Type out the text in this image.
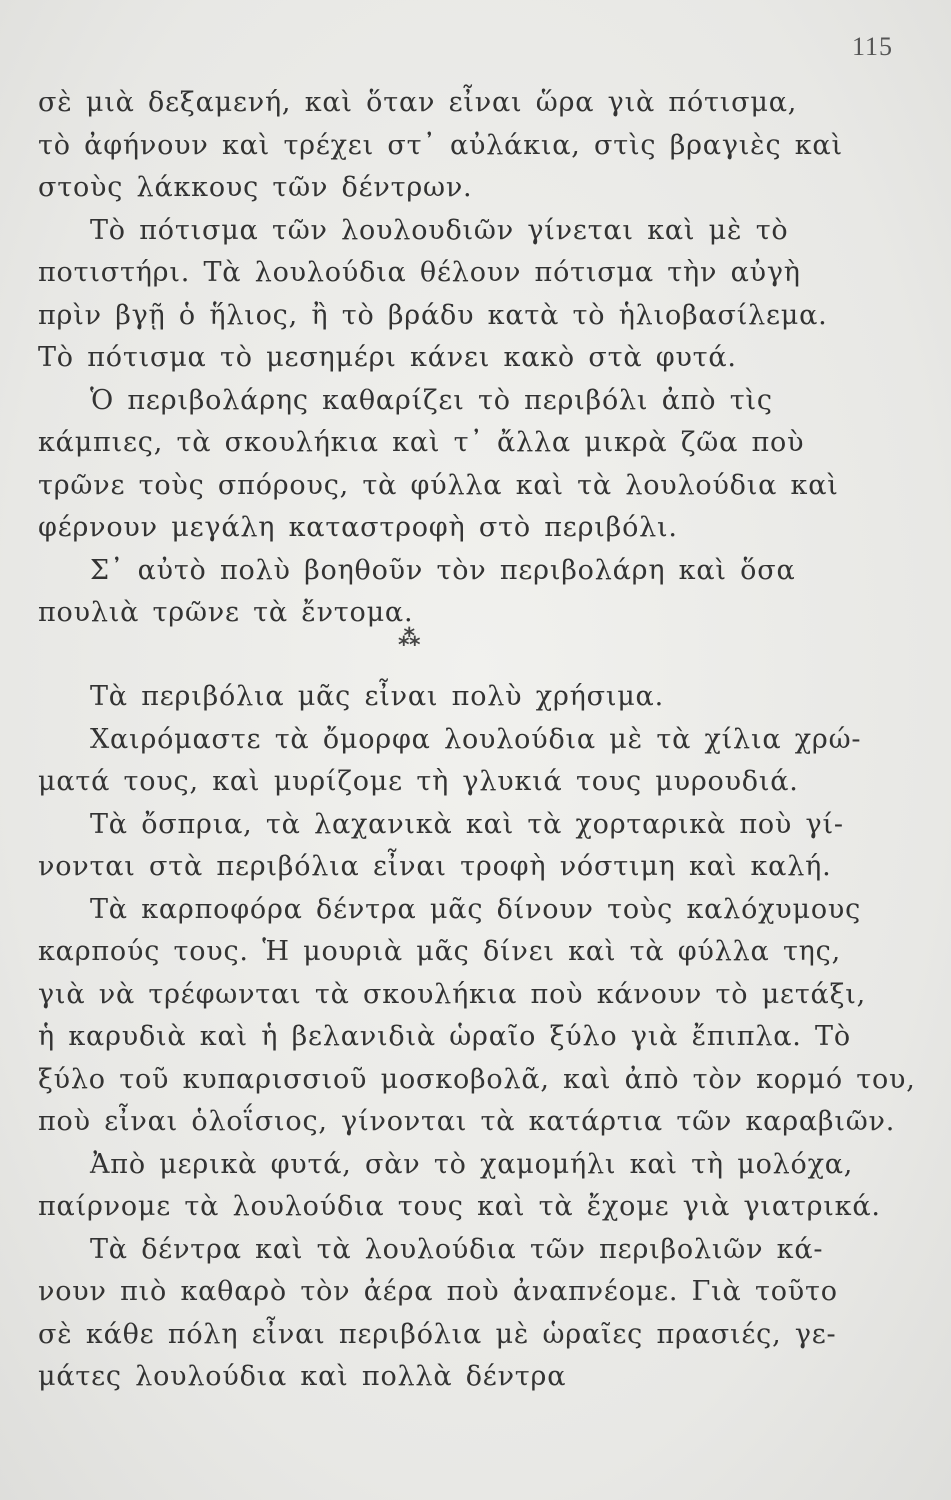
115
σὲ μιὰ δεξαμενή, καὶ ὅταν εἶναι ὥρα γιὰ πότισμα,
τὸ ἀφήνουν καὶ τρέχει στ᾽ αὐλάκια, στὶς βραγιὲς καὶ
στοὺς λάκκους τῶν δέντρων.
Τὸ πότισμα τῶν λουλουδιῶν γίνεται καὶ μὲ τὸ
ποτιστήρι. Τὰ λουλούδια θέλουν πότισμα τὴν αὐγὴ
πρὶν βγῇ ὁ ἥλιος, ἢ τὸ βράδυ κατὰ τὸ ἡλιοβασίλεμα.
Τὸ πότισμα τὸ μεσημέρι κάνει κακὸ στὰ φυτά.
Ὁ περιβολάρης καθαρίζει τὸ περιβόλι ἀπὸ τὶς
κάμπιες, τὰ σκουλήκια καὶ τ᾽ ἄλλα μικρὰ ζῶα ποὺ
τρῶνε τοὺς σπόρους, τὰ φύλλα καὶ τὰ λουλούδια καὶ
φέρνουν μεγάλη καταστροφὴ στὸ περιβόλι.
Σ᾽ αὐτὸ πολὺ βοηθοῦν τὸν περιβολάρη καὶ ὅσα
πουλιὰ τρῶνε τὰ ἔντομα.
⁂
Τὰ περιβόλια μᾶς εἶναι πολὺ χρήσιμα.
Χαιρόμαστε τὰ ὄμορφα λουλούδια μὲ τὰ χίλια χρώ-
ματά τους, καὶ μυρίζομε τὴ γλυκιά τους μυρουδιά.
Τὰ ὄσπρια, τὰ λαχανικὰ καὶ τὰ χορταρικὰ ποὺ γί-
νονται στὰ περιβόλια εἶναι τροφὴ νόστιμη καὶ καλή.
Τὰ καρποφόρα δέντρα μᾶς δίνουν τοὺς καλόχυμους
καρπούς τους. Ἡ μουριὰ μᾶς δίνει καὶ τὰ φύλλα της,
γιὰ νὰ τρέφωνται τὰ σκουλήκια ποὺ κάνουν τὸ μετάξι,
ἡ καρυδιὰ καὶ ἡ βελανιδιὰ ὡραῖο ξύλο γιὰ ἔπιπλα. Τὸ
ξύλο τοῦ κυπαρισσιοῦ μοσκοβολᾶ, καὶ ἀπὸ τὸν κορμό του,
ποὺ εἶναι ὁλοΐσιος, γίνονται τὰ κατάρτια τῶν καραβιῶν.
Ἀπὸ μερικὰ φυτά, σὰν τὸ χαμομήλι καὶ τὴ μολόχα,
παίρνομε τὰ λουλούδια τους καὶ τὰ ἔχομε γιὰ γιατρικά.
Τὰ δέντρα καὶ τὰ λουλούδια τῶν περιβολιῶν κά-
νουν πιὸ καθαρὸ τὸν ἀέρα ποὺ ἀναπνέομε. Γιὰ τοῦτο
σὲ κάθε πόλη εἶναι περιβόλια μὲ ὡραῖες πρασιές, γε-
μάτες λουλούδια καὶ πολλὰ δέντρα
